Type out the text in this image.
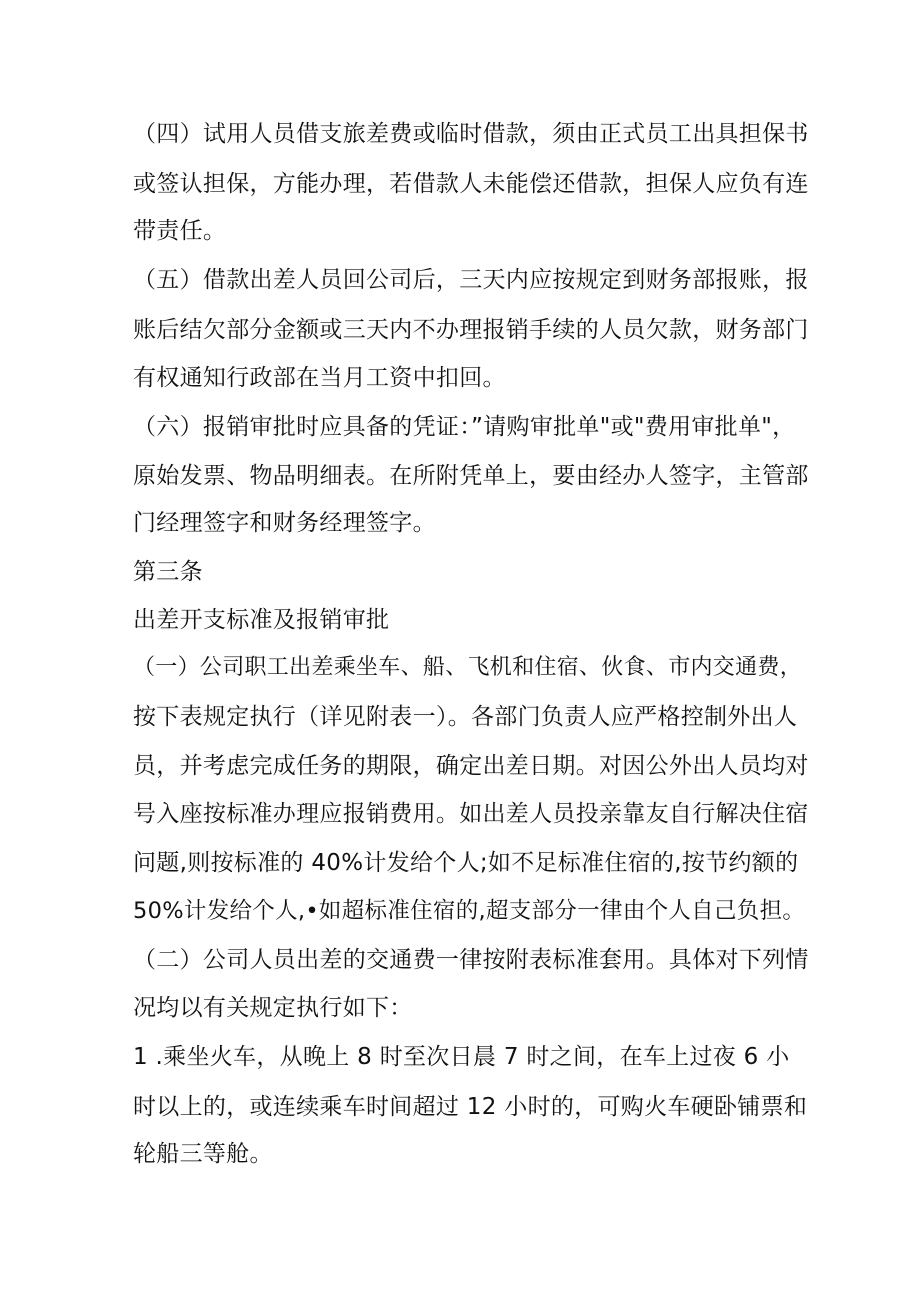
（四）试用人员借支旅差费或临时借款，须由正式员工出具担保书
或签认担保，方能办理，若借款人未能偿还借款，担保人应负有连
带责任。
（五）借款出差人员回公司后，三天内应按规定到财务部报账，报
账后结欠部分金额或三天内不办理报销手续的人员欠款，财务部门
有权通知行政部在当月工资中扣回。
（六）报销审批时应具备的凭证：”请购审批单"或"费用审批单"，
原始发票、物品明细表。在所附凭单上，要由经办人签字，主管部
门经理签字和财务经理签字。
第三条
出差开支标准及报销审批
（一）公司职工出差乘坐车、船、飞机和住宿、伙食、市内交通费，
按下表规定执行（详见附表一）。各部门负责人应严格控制外出人
员，并考虑完成任务的期限，确定出差日期。对因公外出人员均对
号入座按标准办理应报销费用。如出差人员投亲靠友自行解决住宿
问题,则按标准的 40%计发给个人;如不足标准住宿的,按节约额的
50%计发给个人,•如超标准住宿的,超支部分一律由个人自己负担。
（二）公司人员出差的交通费一律按附表标准套用。具体对下列情
况均以有关规定执行如下：
1 .乘坐火车，从晚上 8 时至次日晨 7 时之间，在车上过夜 6 小
时以上的，或连续乘车时间超过 12 小时的，可购火车硬卧铺票和
轮船三等舱。
